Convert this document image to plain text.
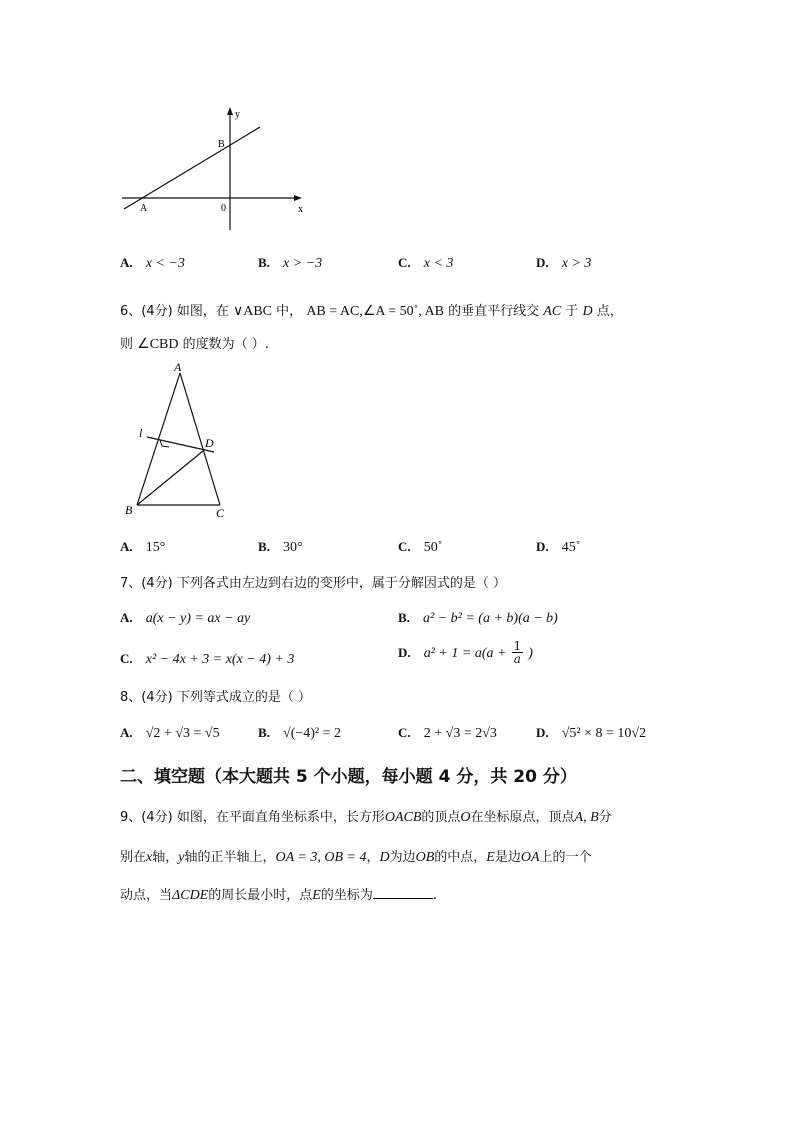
y
x
B
A	0
A. x < −3	B. x > −3	C. x < 3	D. x > 3
6、(4分) 如图，在 ∨ABC 中， AB = AC,∠A = 50˚, AB 的垂直平行线交 AC 于 D 点，
则 ∠CBD 的度数为（ ）.
A
l
D
B	C
A. 15°	B. 30°	C. 50˚	D. 45˚
7、(4分) 下列各式由左边到右边的变形中，属于分解因式的是（ ）
A. a(x − y) = ax − ay	B. a² − b² = (a + b)(a − b)
C. x² − 4x + 3 = x(x − 4) + 3	D. $a^2 + 1 = a(a + \frac{1}{a}$ )
8、(4分) 下列等式成立的是（ ）
A. √2 + √3 = √5	B. √(−4)² = 2	C. 2 + √3 = 2√3	D. √5² × 8 = 10√2
二、填空题（本大题共 5 个小题，每小题 4 分，共 20 分）
9、(4分) 如图，在平面直角坐标系中，长方形OACB的顶点O在坐标原点，顶点A, B分
别在x轴，y轴的正半轴上，OA = 3, OB = 4，D为边OB的中点，E是边OA上的一个
动点，当ΔCDE的周长最小时，点E的坐标为	.
